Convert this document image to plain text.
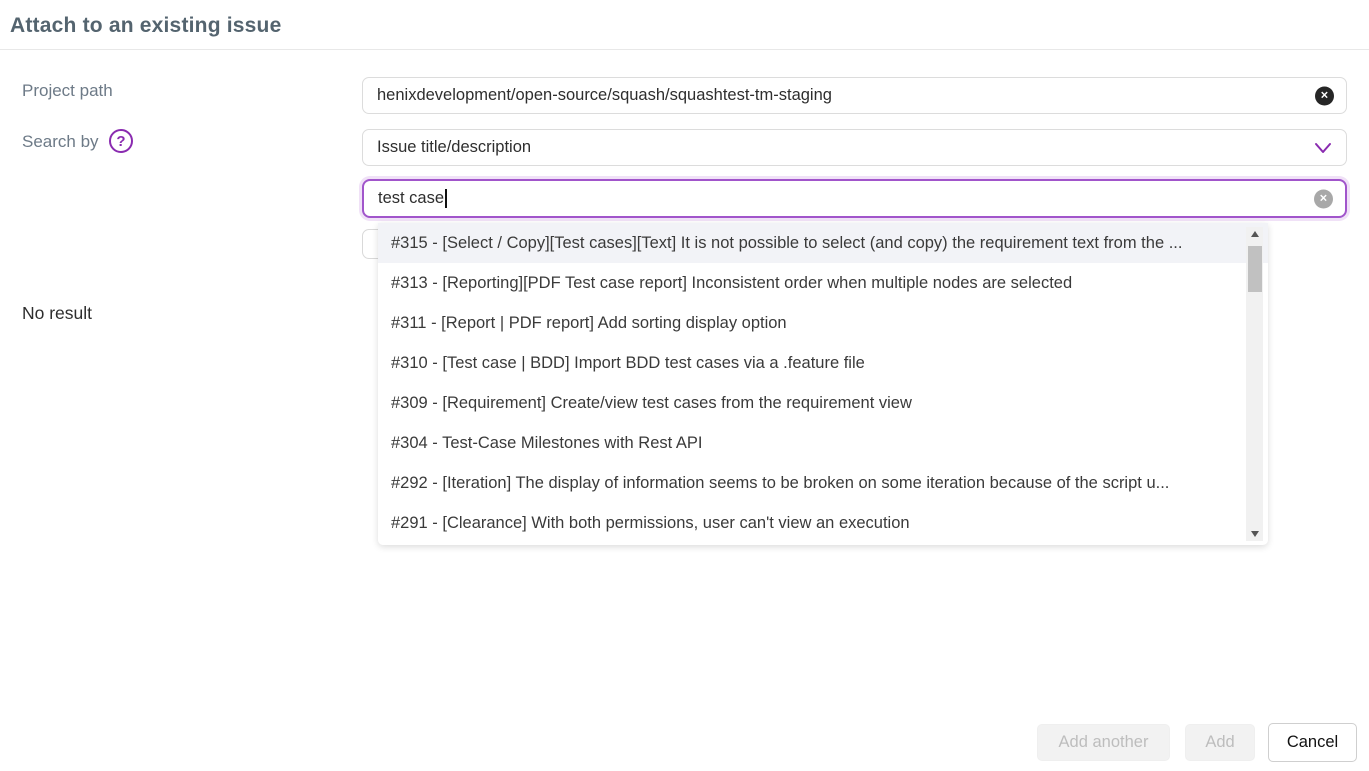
Attach to an existing issue
Project path	henixdevelopment/open-source/squash/squashtest-tm-staging	✕
Search by	?	Issue title/description
test case	✕
#315 - [Select / Copy][Test cases][Text] It is not possible to select (and copy) the requirement text from the ...
#313 - [Reporting][PDF Test case report] Inconsistent order when multiple nodes are selected
#311 - [Report | PDF report] Add sorting display option
#310 - [Test case | BDD] Import BDD test cases via a .feature file
#309 - [Requirement] Create/view test cases from the requirement view
#304 - Test-Case Milestones with Rest API
#292 - [Iteration] The display of information seems to be broken on some iteration because of the script u...
#291 - [Clearance] With both permissions, user can't view an execution
No result
Add another	Add	Cancel
